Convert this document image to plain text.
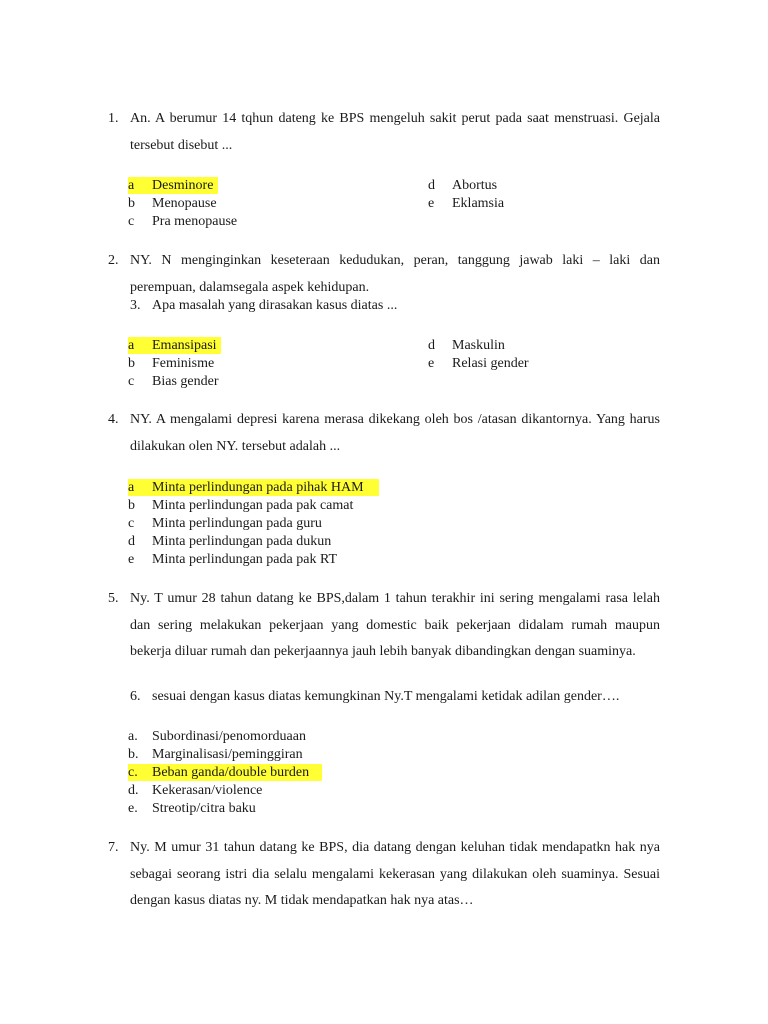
1. An. A berumur 14 tqhun dateng ke BPS mengeluh sakit perut pada saat menstruasi. Gejala tersebut disebut ...
a Desminore
b Menopause
c Pra menopause
d Abortus
e Eklamsia
2. NY. N menginginkan keseteraan kedudukan, peran, tanggung jawab laki – laki dan perempuan, dalamsegala aspek kehidupan.
3. Apa masalah yang dirasakan kasus diatas ...
a Emansipasi
b Feminisme
c Bias gender
d Maskulin
e Relasi gender
4. NY. A mengalami depresi karena merasa dikekang oleh bos /atasan dikantornya. Yang harus dilakukan olen NY. tersebut adalah ...
a Minta perlindungan pada pihak HAM
b Minta perlindungan pada pak camat
c Minta perlindungan pada guru
d Minta perlindungan pada dukun
e Minta perlindungan pada pak RT
5. Ny. T umur 28 tahun datang ke BPS,dalam 1 tahun terakhir ini sering mengalami rasa lelah dan sering melakukan pekerjaan yang domestic baik pekerjaan didalam rumah maupun bekerja diluar rumah dan pekerjaannya jauh lebih banyak dibandingkan dengan suaminya.
6. sesuai dengan kasus diatas kemungkinan Ny.T mengalami ketidak adilan gender….
a. Subordinasi/penomorduaan
b. Marginalisasi/peminggiran
c. Beban ganda/double burden
d. Kekerasan/violence
e. Streotip/citra baku
7. Ny. M umur 31 tahun datang ke BPS, dia datang dengan keluhan tidak mendapatkn hak nya sebagai seorang istri dia selalu mengalami kekerasan yang dilakukan oleh suaminya. Sesuai dengan kasus diatas ny. M tidak mendapatkan hak nya atas…
